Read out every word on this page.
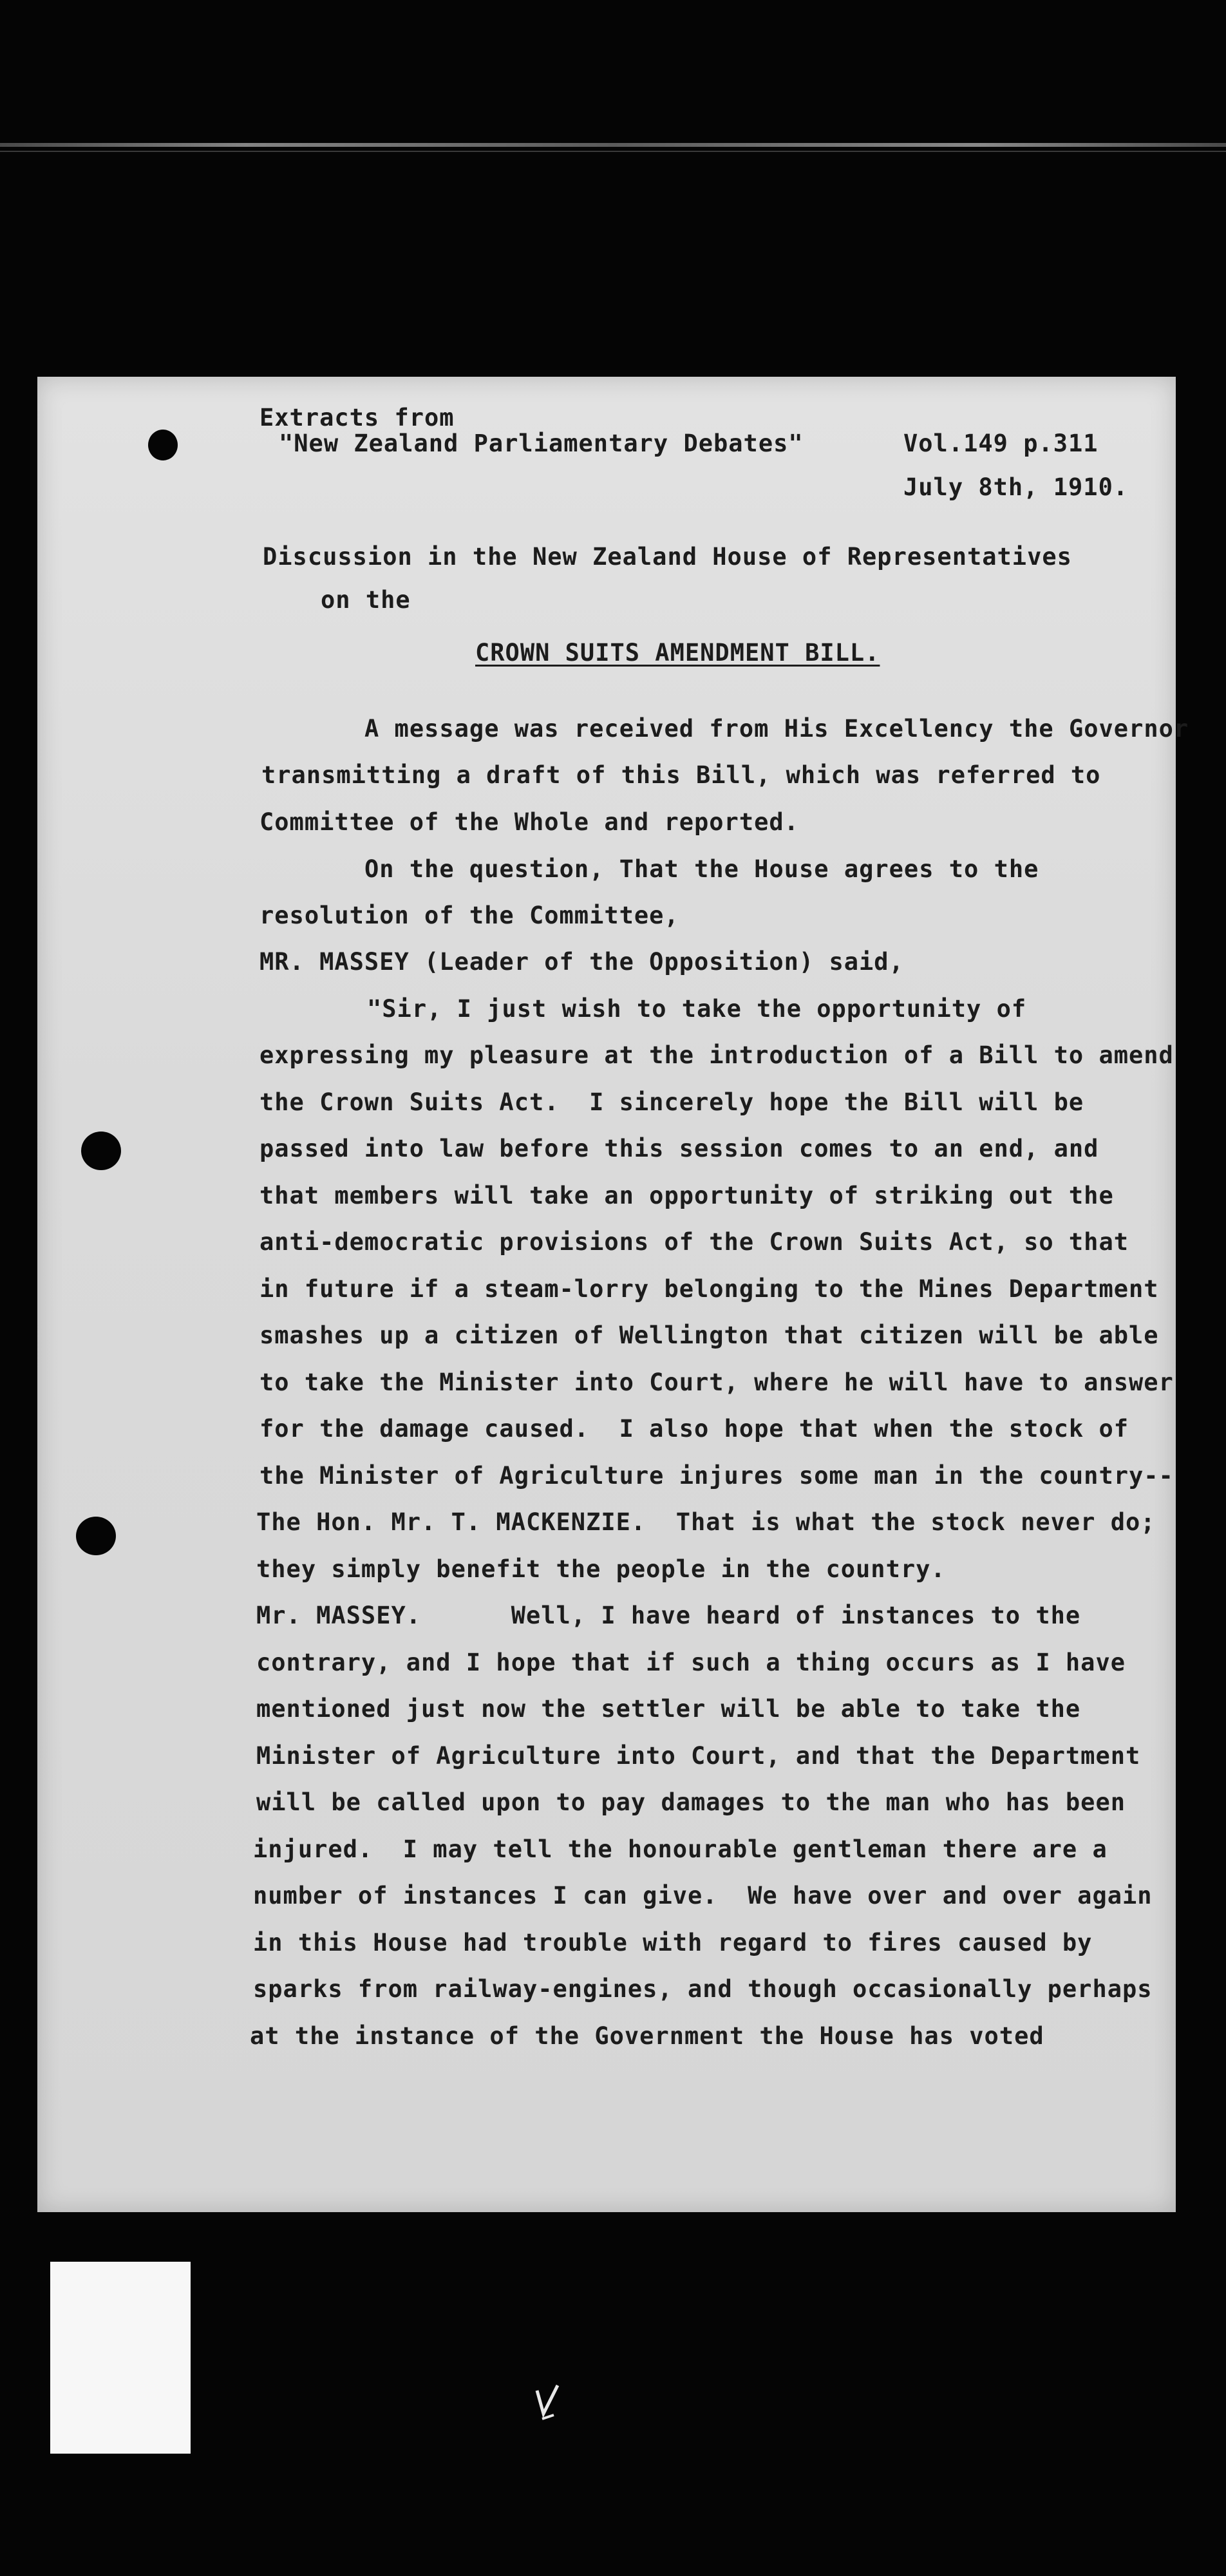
Extracts from
"New Zealand Parliamentary Debates"	Vol.149 p.311
July 8th, 1910.
Discussion in the New Zealand House of Representatives
on the
CROWN SUITS AMENDMENT BILL.
A message was received from His Excellency the Governor
transmitting a draft of this Bill, which was referred to
Committee of the Whole and reported.
On the question, That the House agrees to the
resolution of the Committee,
MR. MASSEY (Leader of the Opposition) said,
"Sir, I just wish to take the opportunity of
expressing my pleasure at the introduction of a Bill to amend
the Crown Suits Act.  I sincerely hope the Bill will be
passed into law before this session comes to an end, and
that members will take an opportunity of striking out the
anti-democratic provisions of the Crown Suits Act, so that
in future if a steam-lorry belonging to the Mines Department
smashes up a citizen of Wellington that citizen will be able
to take the Minister into Court, where he will have to answer
for the damage caused.  I also hope that when the stock of
the Minister of Agriculture injures some man in the country--
The Hon. Mr. T. MACKENZIE.  That is what the stock never do;
they simply benefit the people in the country.
Mr. MASSEY.      Well, I have heard of instances to the
contrary, and I hope that if such a thing occurs as I have
mentioned just now the settler will be able to take the
Minister of Agriculture into Court, and that the Department
will be called upon to pay damages to the man who has been
injured.  I may tell the honourable gentleman there are a
number of instances I can give.  We have over and over again
in this House had trouble with regard to fires caused by
sparks from railway-engines, and though occasionally perhaps
at the instance of the Government the House has voted
